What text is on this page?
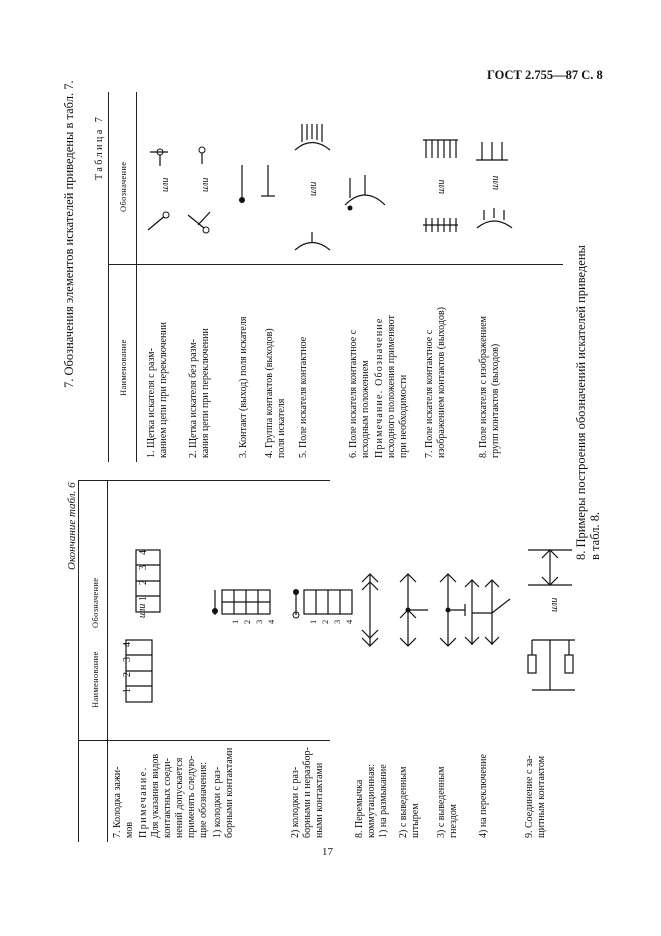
ГОСТ 2.755—87 С. 8
17
Окончание табл. 6
Наименование
Обозначение
7. Колодка зажи- мов Примечание. Для указания видов контактных соеди- нений допускается применять следую- щие обозначения: 1) колодки с раз- борными контактами
или
1
2
3
4
1
2
3
4
2) колодки с раз- борными и неразбор- ными контактами
1 2 3 4	1 2 3 4
8. Перемычка коммутационная: 1) на размыкание 2) с выведенным штырем 3) с выведенным гнездом 4) на переключение	9. Соединение с за- щитным контактом
или
7. Обозначения элементов искателей приведены в табл. 7. Таблица 7
Наименование
Обозначение
1. Щетка искателя с разм- канием цепи при переключении
или
2. Щетка искателя без разм- кания цепи при переключении
или
3. Контакт (выход) поля искателя 4. Группа контактов (выходов) поля искателя 5. Поле искателя контактное
или
6. Поле искателя контактное с исходным положением Примечание. Обозначение исходного положения применяют при необходимости 7. Поле искателя контактное с изображением контактов (выходов)
или
8. Поле искателя с изображением групп контактов (выходов)
или
8. Примеры построения обозначений искателей приведены в табл. 8.
